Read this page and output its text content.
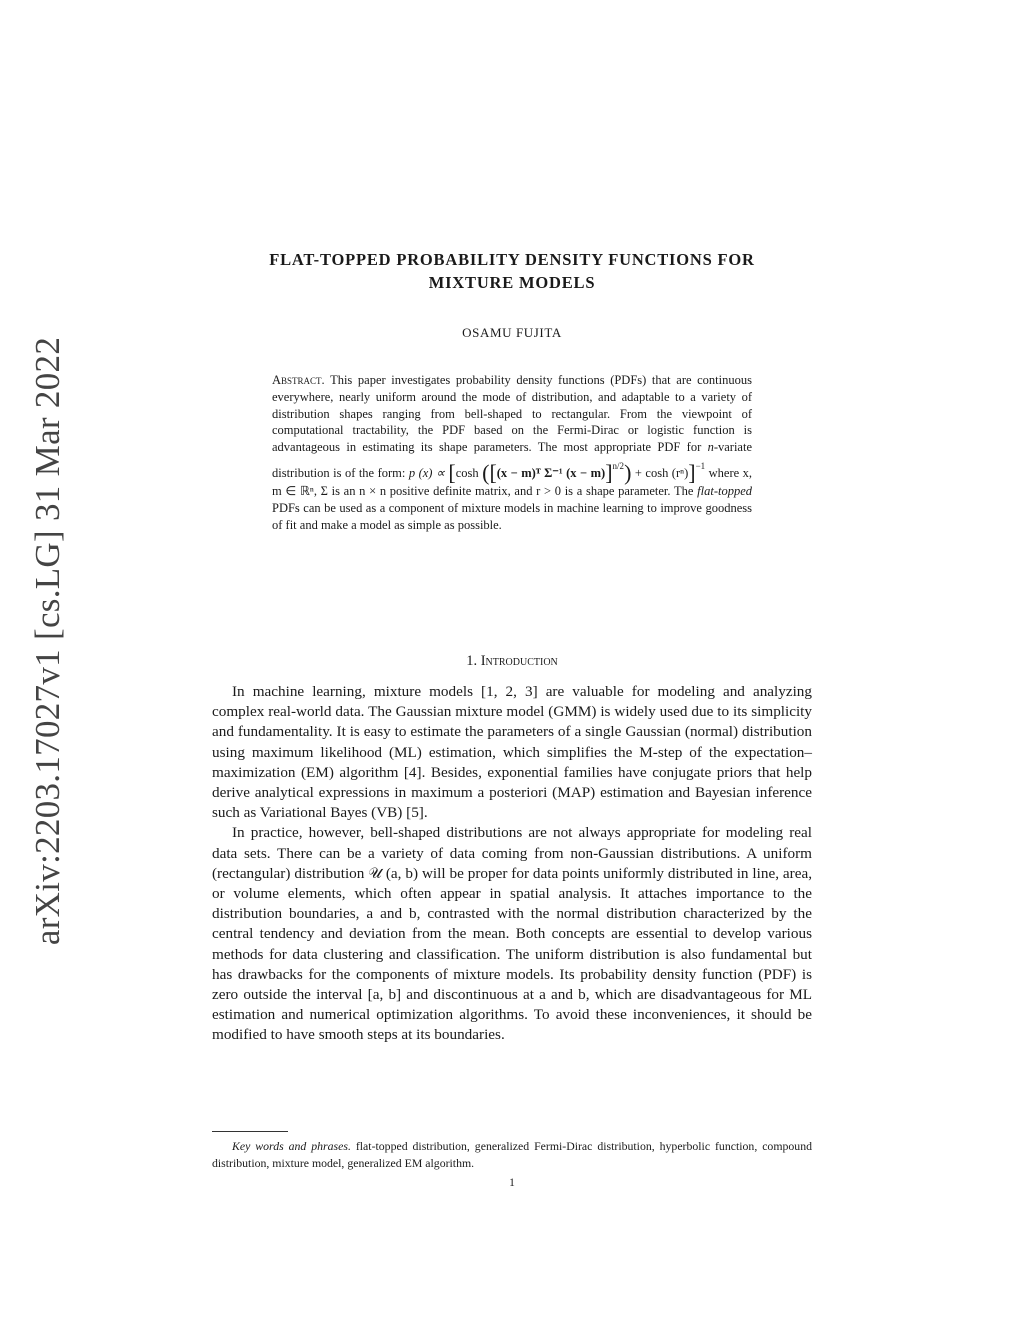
arXiv:2203.17027v1 [cs.LG] 31 Mar 2022
FLAT-TOPPED PROBABILITY DENSITY FUNCTIONS FOR
MIXTURE MODELS
OSAMU FUJITA

Abstract. This paper investigates probability density functions (PDFs) that are continuous everywhere, nearly uniform around the mode of distribution, and adaptable to a variety of distribution shapes ranging from bell-shaped to rectangular. From the viewpoint of computational tractability, the PDF based on the Fermi-Dirac or logistic function is advantageous in estimating its shape parameters. The most appropriate PDF for n-variate distribution is of the form: p (x) ∝ [cosh ([(x − m)ᵀ Σ⁻¹ (x − m)]$^{n/2}$) + cosh (rⁿ)]$^{-1}$ where x, m ∈ ℝⁿ, Σ is an n × n positive definite matrix, and r > 0 is a shape parameter. The flat-topped PDFs can be used as a component of mixture models in machine learning to improve goodness of fit and make a model as simple as possible.

1. Introduction

In machine learning, mixture models [1, 2, 3] are valuable for modeling and analyzing complex real-world data. The Gaussian mixture model (GMM) is widely used due to its simplicity and fundamentality. It is easy to estimate the parameters of a single Gaussian (normal) distribution using maximum likelihood (ML) estimation, which simplifies the M-step of the expectation–maximization (EM) algorithm [4]. Besides, exponential families have conjugate priors that help derive analytical expressions in maximum a posteriori (MAP) estimation and Bayesian inference such as Variational Bayes (VB) [5].

In practice, however, bell-shaped distributions are not always appropriate for modeling real data sets. There can be a variety of data coming from non-Gaussian distributions. A uniform (rectangular) distribution 𝒰 (a, b) will be proper for data points uniformly distributed in line, area, or volume elements, which often appear in spatial analysis. It attaches importance to the distribution boundaries, a and b, contrasted with the normal distribution characterized by the central tendency and deviation from the mean. Both concepts are essential to develop various methods for data clustering and classification. The uniform distribution is also fundamental but has drawbacks for the components of mixture models. Its probability density function (PDF) is zero outside the interval [a, b] and discontinuous at a and b, which are disadvantageous for ML estimation and numerical optimization algorithms. To avoid these inconveniences, it should be modified to have smooth steps at its boundaries.

Key words and phrases. flat-topped distribution, generalized Fermi-Dirac distribution, hyperbolic function, compound distribution, mixture model, generalized EM algorithm.

1
